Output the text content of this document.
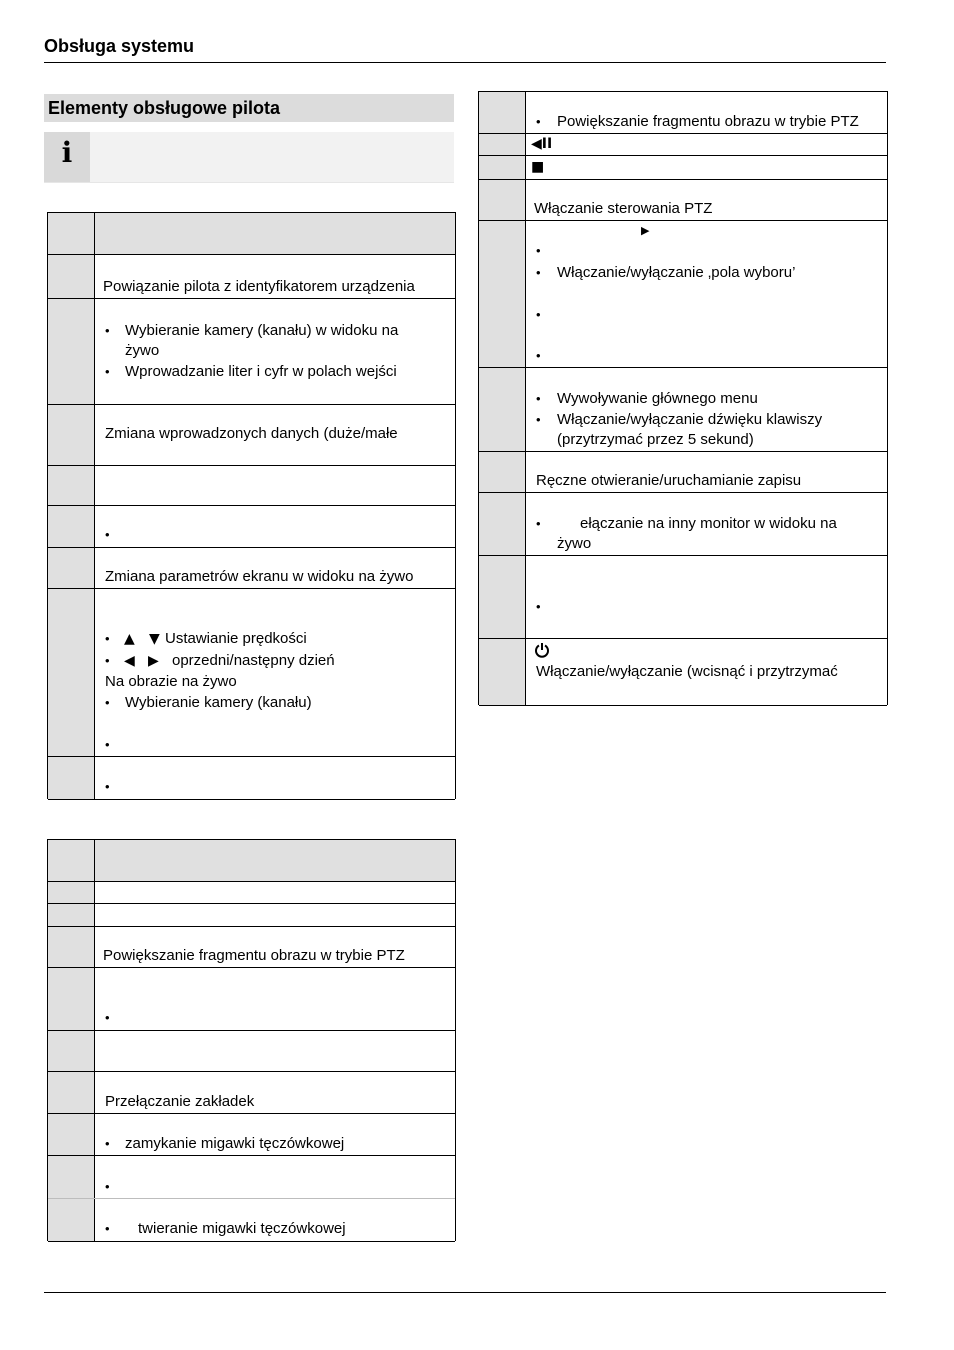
Obsługa systemu
Elementy obsługowe pilota
i
Powiązanie pilota z identyfikatorem urządzenia
• Wybieranie kamery (kanału) w widoku na
żywo
• Wprowadzanie liter i cyfr w polach wejści
Zmiana wprowadzonych danych (duże/małe
•
Zmiana parametrów ekranu w widoku na żywo
• ▲ ▼ Ustawianie prędkości
• ◀ ▶ oprzedni/następny dzień
Na obrazie na żywo
• Wybieranie kamery (kanału)
•
•
Powiększanie fragmentu obrazu w trybie PTZ
•
Przełączanie zakładek
• zamykanie migawki tęczówkowej
•
• twieranie migawki tęczówkowej
• Powiększanie fragmentu obrazu w trybie PTZ
◀II
■
Włączanie sterowania PTZ
▶
•
• Włączanie/wyłączanie ‚pola wyboru’
•
•
• Wywoływanie głównego menu
• Włączanie/wyłączanie dźwięku klawiszy
(przytrzymać przez 5 sekund)
Ręczne otwieranie/uruchamianie zapisu
•	ełączanie na inny monitor w widoku na
żywo
•
Włączanie/wyłączanie (wcisnąć i przytrzymać
